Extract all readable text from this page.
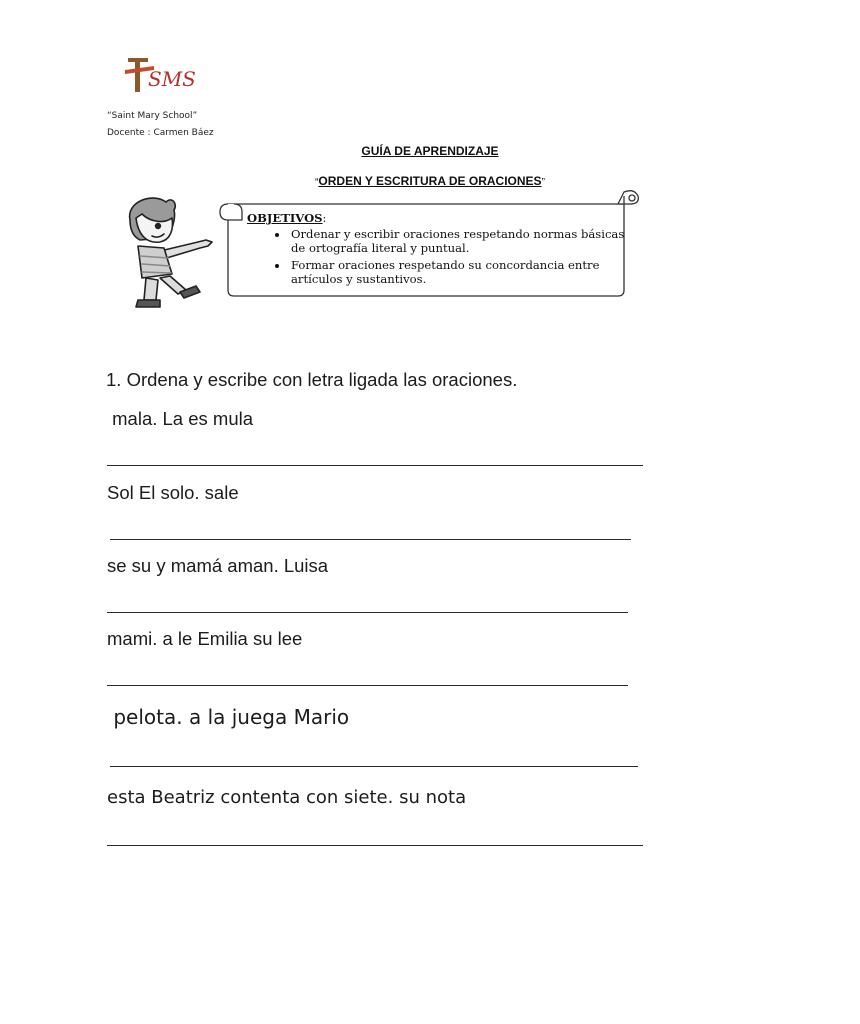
SMS
“Saint Mary School”
Docente : Carmen Báez
GUÍA DE APRENDIZAJE
“ORDEN Y ESCRITURA DE ORACIONES”
OBJETIVOS:
• Ordenar y escribir oraciones respetando normas básicas de ortografía literal y puntual.
• Formar oraciones respetando su concordancia entre artículos y sustantivos.
1. Ordena y escribe con letra ligada las oraciones.
mala. La es mula
Sol El solo. sale
se su y mamá aman. Luisa
mami. a le Emilia su lee
pelota. a la juega Mario
esta Beatriz contenta con siete. su nota
